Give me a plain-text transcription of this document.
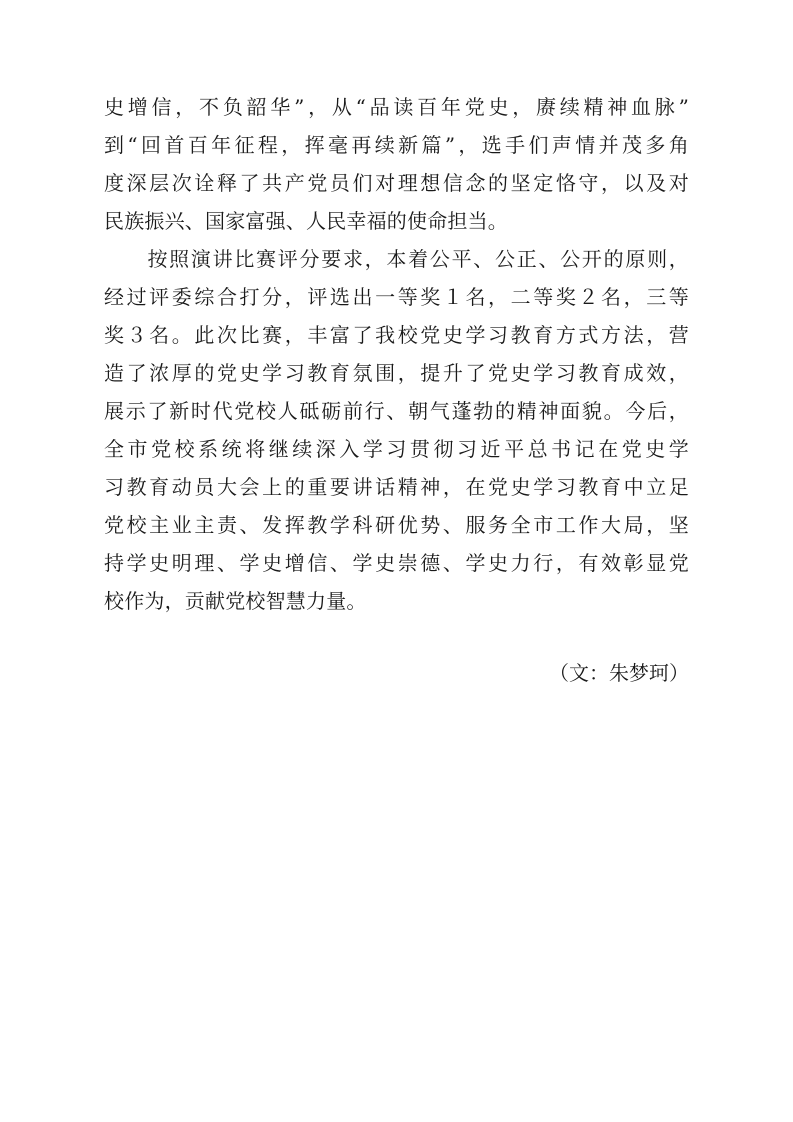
史增信，不负韶华”，从“品读百年党史，赓续精神血脉”
到“回首百年征程，挥毫再续新篇”，选手们声情并茂多角
度深层次诠释了共产党员们对理想信念的坚定恪守，以及对
民族振兴、国家富强、人民幸福的使命担当。
　　按照演讲比赛评分要求，本着公平、公正、公开的原则，
经过评委综合打分，评选出一等奖１名，二等奖２名，三等
奖３名。此次比赛，丰富了我校党史学习教育方式方法，营
造了浓厚的党史学习教育氛围，提升了党史学习教育成效，
展示了新时代党校人砥砺前行、朝气蓬勃的精神面貌。今后，
全市党校系统将继续深入学习贯彻习近平总书记在党史学
习教育动员大会上的重要讲话精神，在党史学习教育中立足
党校主业主责、发挥教学科研优势、服务全市工作大局，坚
持学史明理、学史增信、学史崇德、学史力行，有效彰显党
校作为，贡献党校智慧力量。
（文：朱梦珂）
